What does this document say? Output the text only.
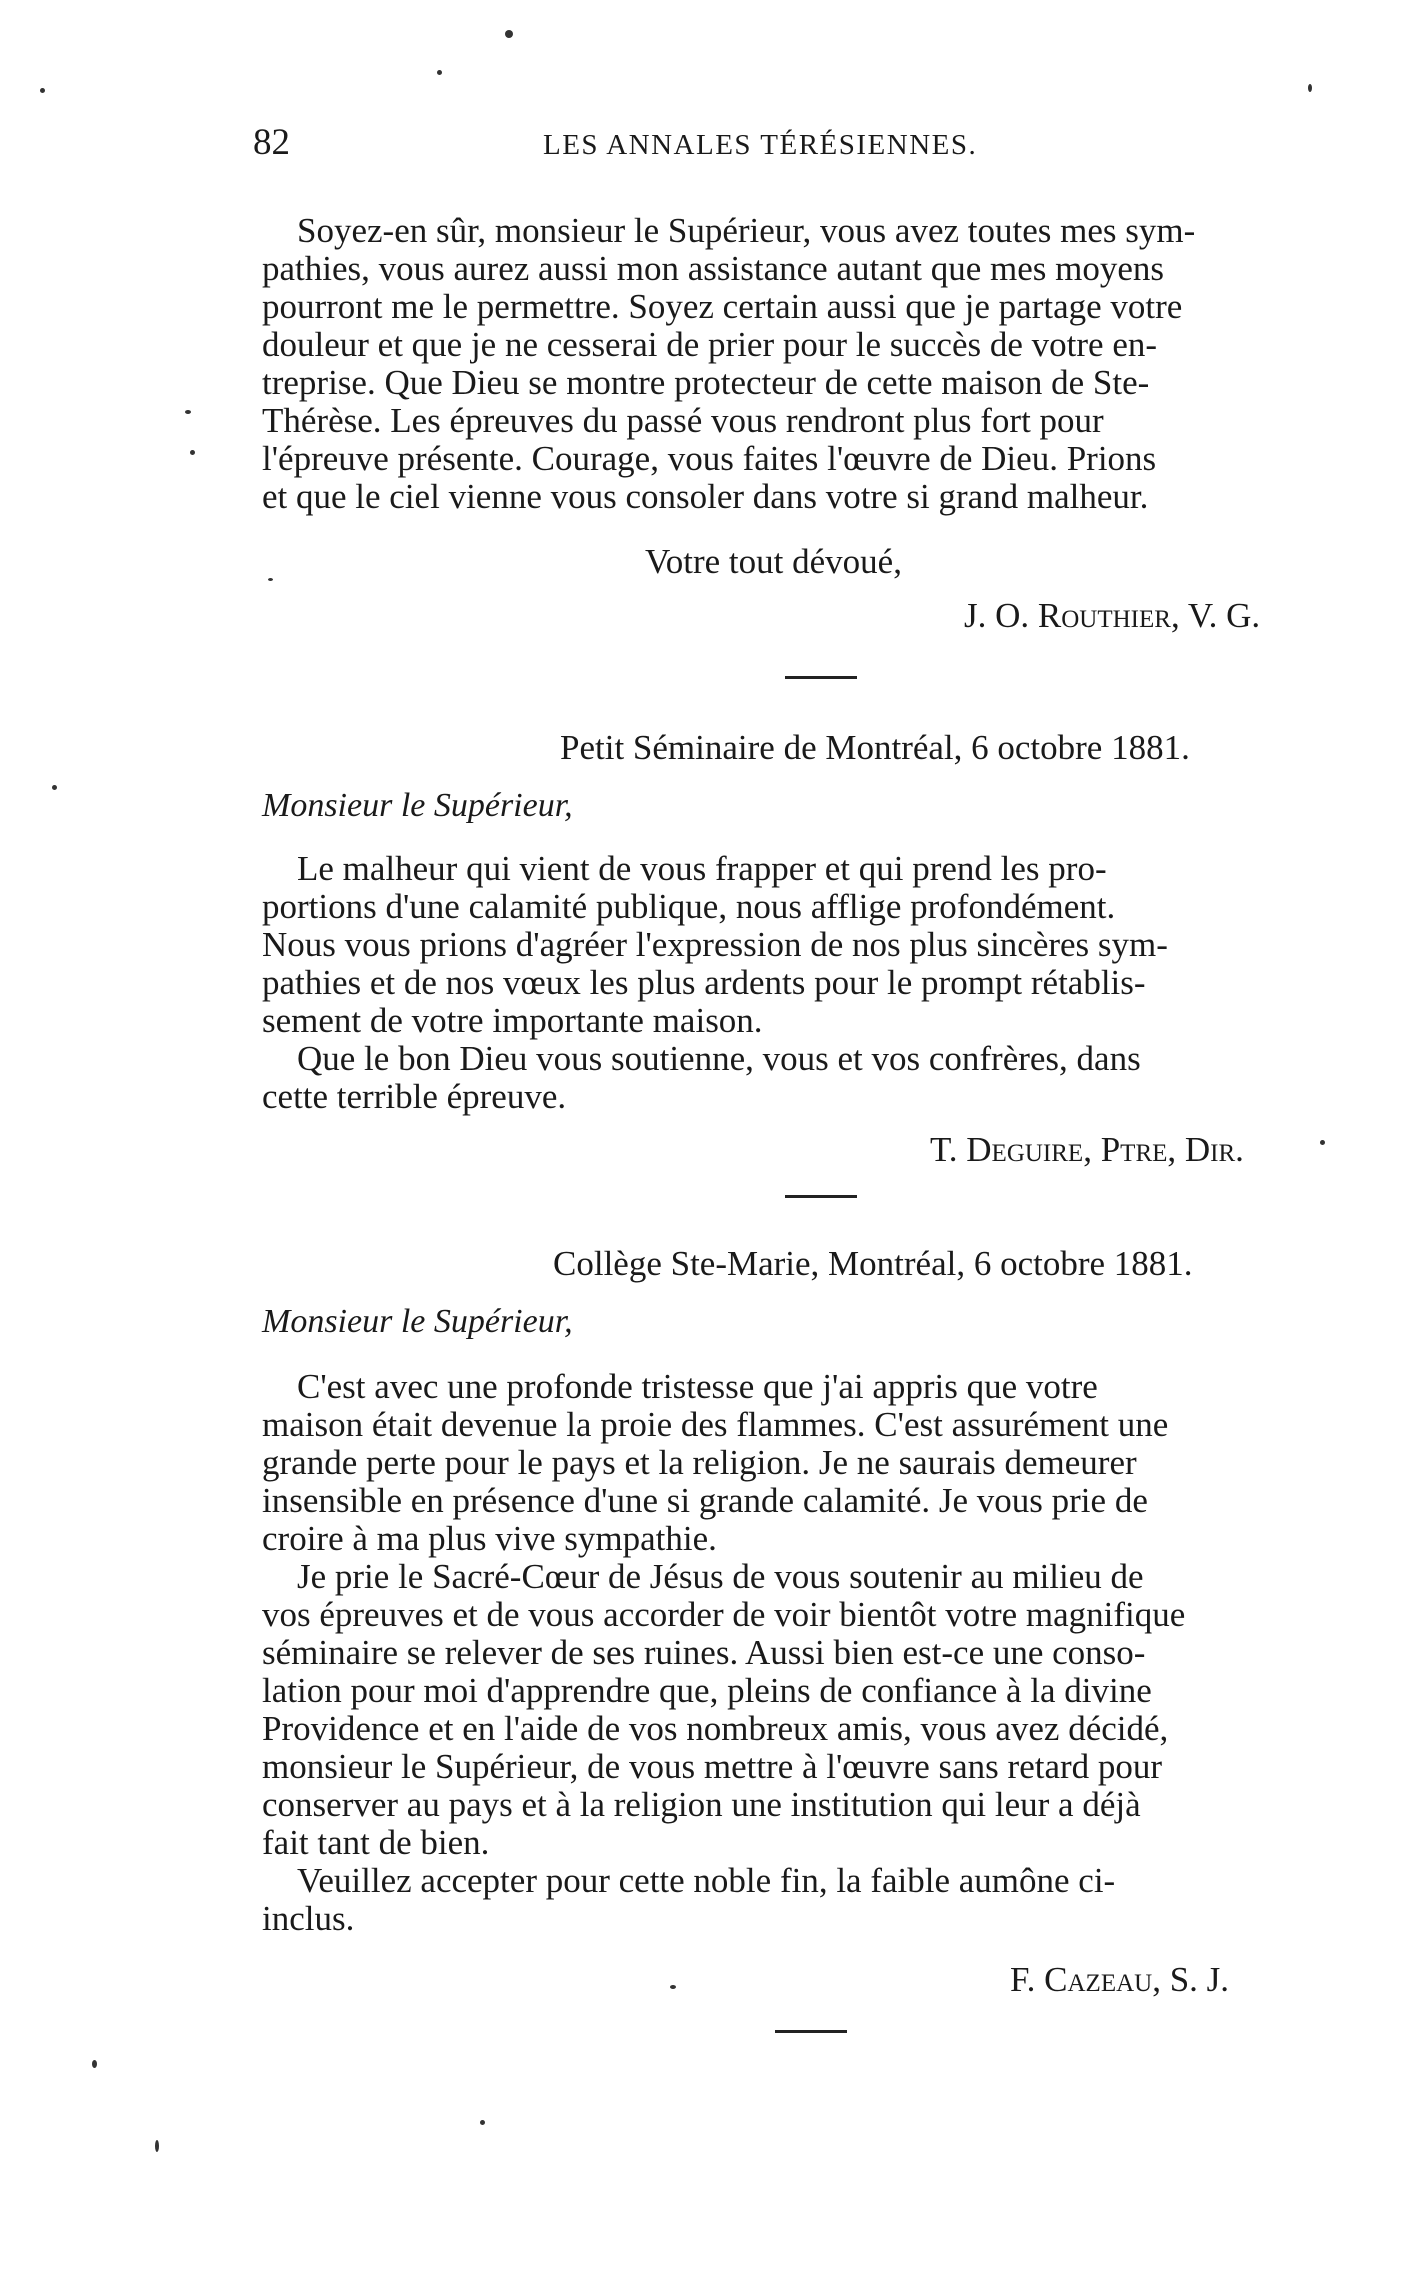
82	LES ANNALES TÉRÉSIENNES.
Soyez-en sûr, monsieur le Supérieur, vous avez toutes mes sym-
pathies, vous aurez aussi mon assistance autant que mes moyens
pourront me le permettre. Soyez certain aussi que je partage votre
douleur et que je ne cesserai de prier pour le succès de votre en-
treprise. Que Dieu se montre protecteur de cette maison de Ste-
Thérèse. Les épreuves du passé vous rendront plus fort pour
l'épreuve présente. Courage, vous faites l'œuvre de Dieu. Prions
et que le ciel vienne vous consoler dans votre si grand malheur.
Votre tout dévoué,
J. O. Routhier, V. G.
Petit Séminaire de Montréal, 6 octobre 1881.
Monsieur le Supérieur,
Le malheur qui vient de vous frapper et qui prend les pro-
portions d'une calamité publique, nous afflige profondément.
Nous vous prions d'agréer l'expression de nos plus sincères sym-
pathies et de nos vœux les plus ardents pour le prompt rétablis-
sement de votre importante maison.
Que le bon Dieu vous soutienne, vous et vos confrères, dans
cette terrible épreuve.
T. Deguire, Ptre, Dir.
Collège Ste-Marie, Montréal, 6 octobre 1881.
Monsieur le Supérieur,
C'est avec une profonde tristesse que j'ai appris que votre
maison était devenue la proie des flammes. C'est assurément une
grande perte pour le pays et la religion. Je ne saurais demeurer
insensible en présence d'une si grande calamité. Je vous prie de
croire à ma plus vive sympathie.
Je prie le Sacré-Cœur de Jésus de vous soutenir au milieu de
vos épreuves et de vous accorder de voir bientôt votre magnifique
séminaire se relever de ses ruines. Aussi bien est-ce une conso-
lation pour moi d'apprendre que, pleins de confiance à la divine
Providence et en l'aide de vos nombreux amis, vous avez décidé,
monsieur le Supérieur, de vous mettre à l'œuvre sans retard pour
conserver au pays et à la religion une institution qui leur a déjà
fait tant de bien.
Veuillez accepter pour cette noble fin, la faible aumône ci-
inclus.
F. Cazeau, S. J.
